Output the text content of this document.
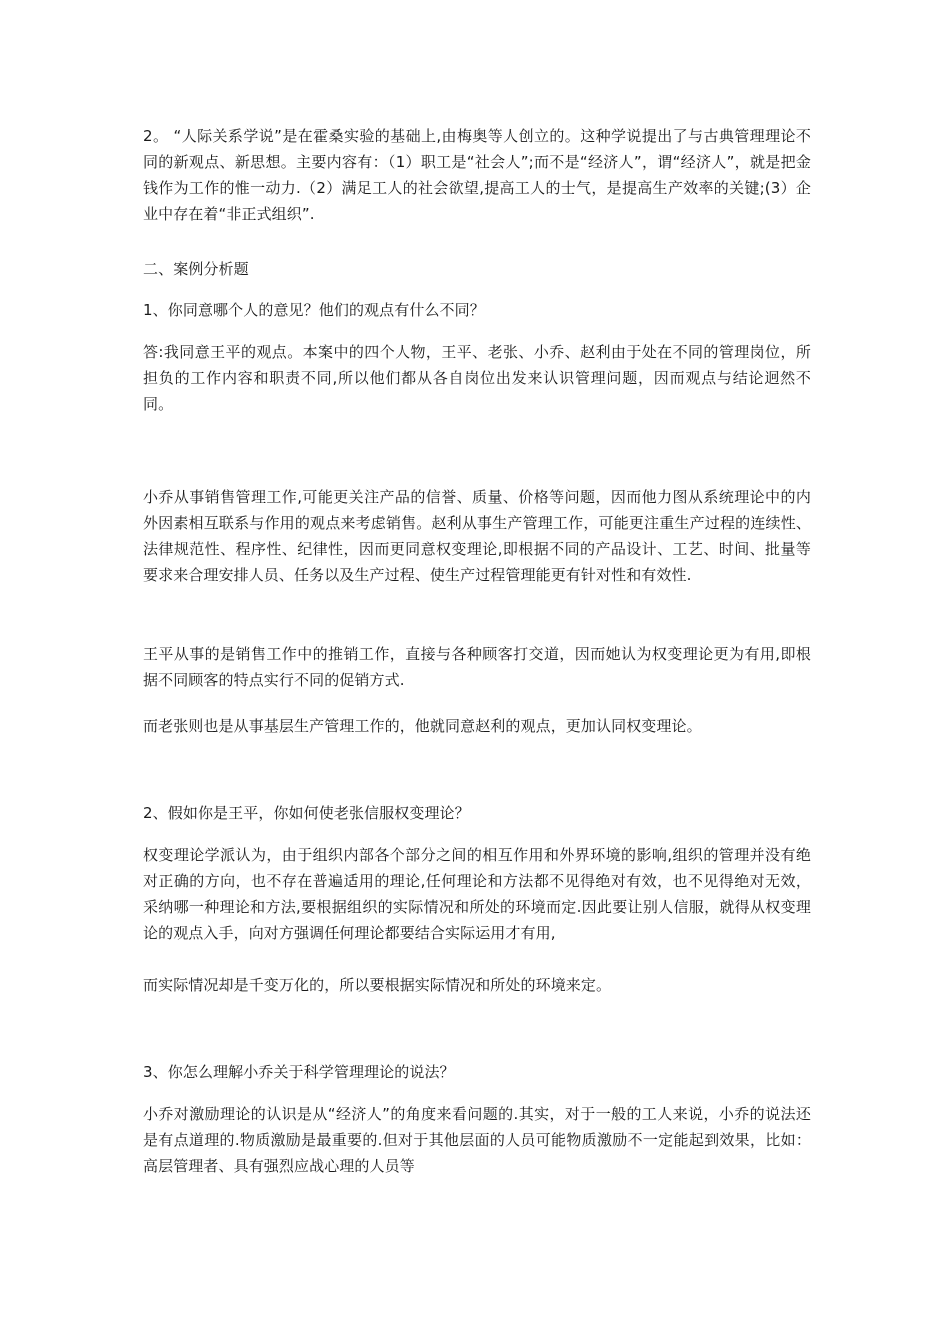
2。 “人际关系学说”是在霍桑实验的基础上,由梅奥等人创立的。这种学说提出了与古典管理理论不同的新观点、新思想。主要内容有：（1）职工是“社会人”;而不是“经济人”，谓“经济人”，就是把金钱作为工作的惟一动力.（2）满足工人的社会欲望,提高工人的士气，是提高生产效率的关键;(3）企业中存在着“非正式组织”.

二、案例分析题

1、你同意哪个人的意见？他们的观点有什么不同？

答:我同意王平的观点。本案中的四个人物，王平、老张、小乔、赵利由于处在不同的管理岗位，所担负的工作内容和职责不同,所以他们都从各自岗位出发来认识管理问题，因而观点与结论迥然不同。

小乔从事销售管理工作,可能更关注产品的信誉、质量、价格等问题，因而他力图从系统理论中的内外因素相互联系与作用的观点来考虑销售。赵利从事生产管理工作，可能更注重生产过程的连续性、法律规范性、程序性、纪律性，因而更同意权变理论,即根据不同的产品设计、工艺、时间、批量等要求来合理安排人员、任务以及生产过程、使生产过程管理能更有针对性和有效性.

王平从事的是销售工作中的推销工作，直接与各种顾客打交道，因而她认为权变理论更为有用,即根据不同顾客的特点实行不同的促销方式.

而老张则也是从事基层生产管理工作的，他就同意赵利的观点，更加认同权变理论。

2、假如你是王平，你如何使老张信服权变理论？

权变理论学派认为，由于组织内部各个部分之间的相互作用和外界环境的影响,组织的管理并没有绝对正确的方向，也不存在普遍适用的理论,任何理论和方法都不见得绝对有效，也不见得绝对无效，采纳哪一种理论和方法,要根据组织的实际情况和所处的环境而定.因此要让别人信服，就得从权变理论的观点入手，向对方强调任何理论都要结合实际运用才有用,

而实际情况却是千变万化的，所以要根据实际情况和所处的环境来定。

3、你怎么理解小乔关于科学管理理论的说法？

小乔对激励理论的认识是从“经济人”的角度来看问题的.其实，对于一般的工人来说，小乔的说法还是有点道理的.物质激励是最重要的.但对于其他层面的人员可能物质激励不一定能起到效果，比如：高层管理者、具有强烈应战心理的人员等
